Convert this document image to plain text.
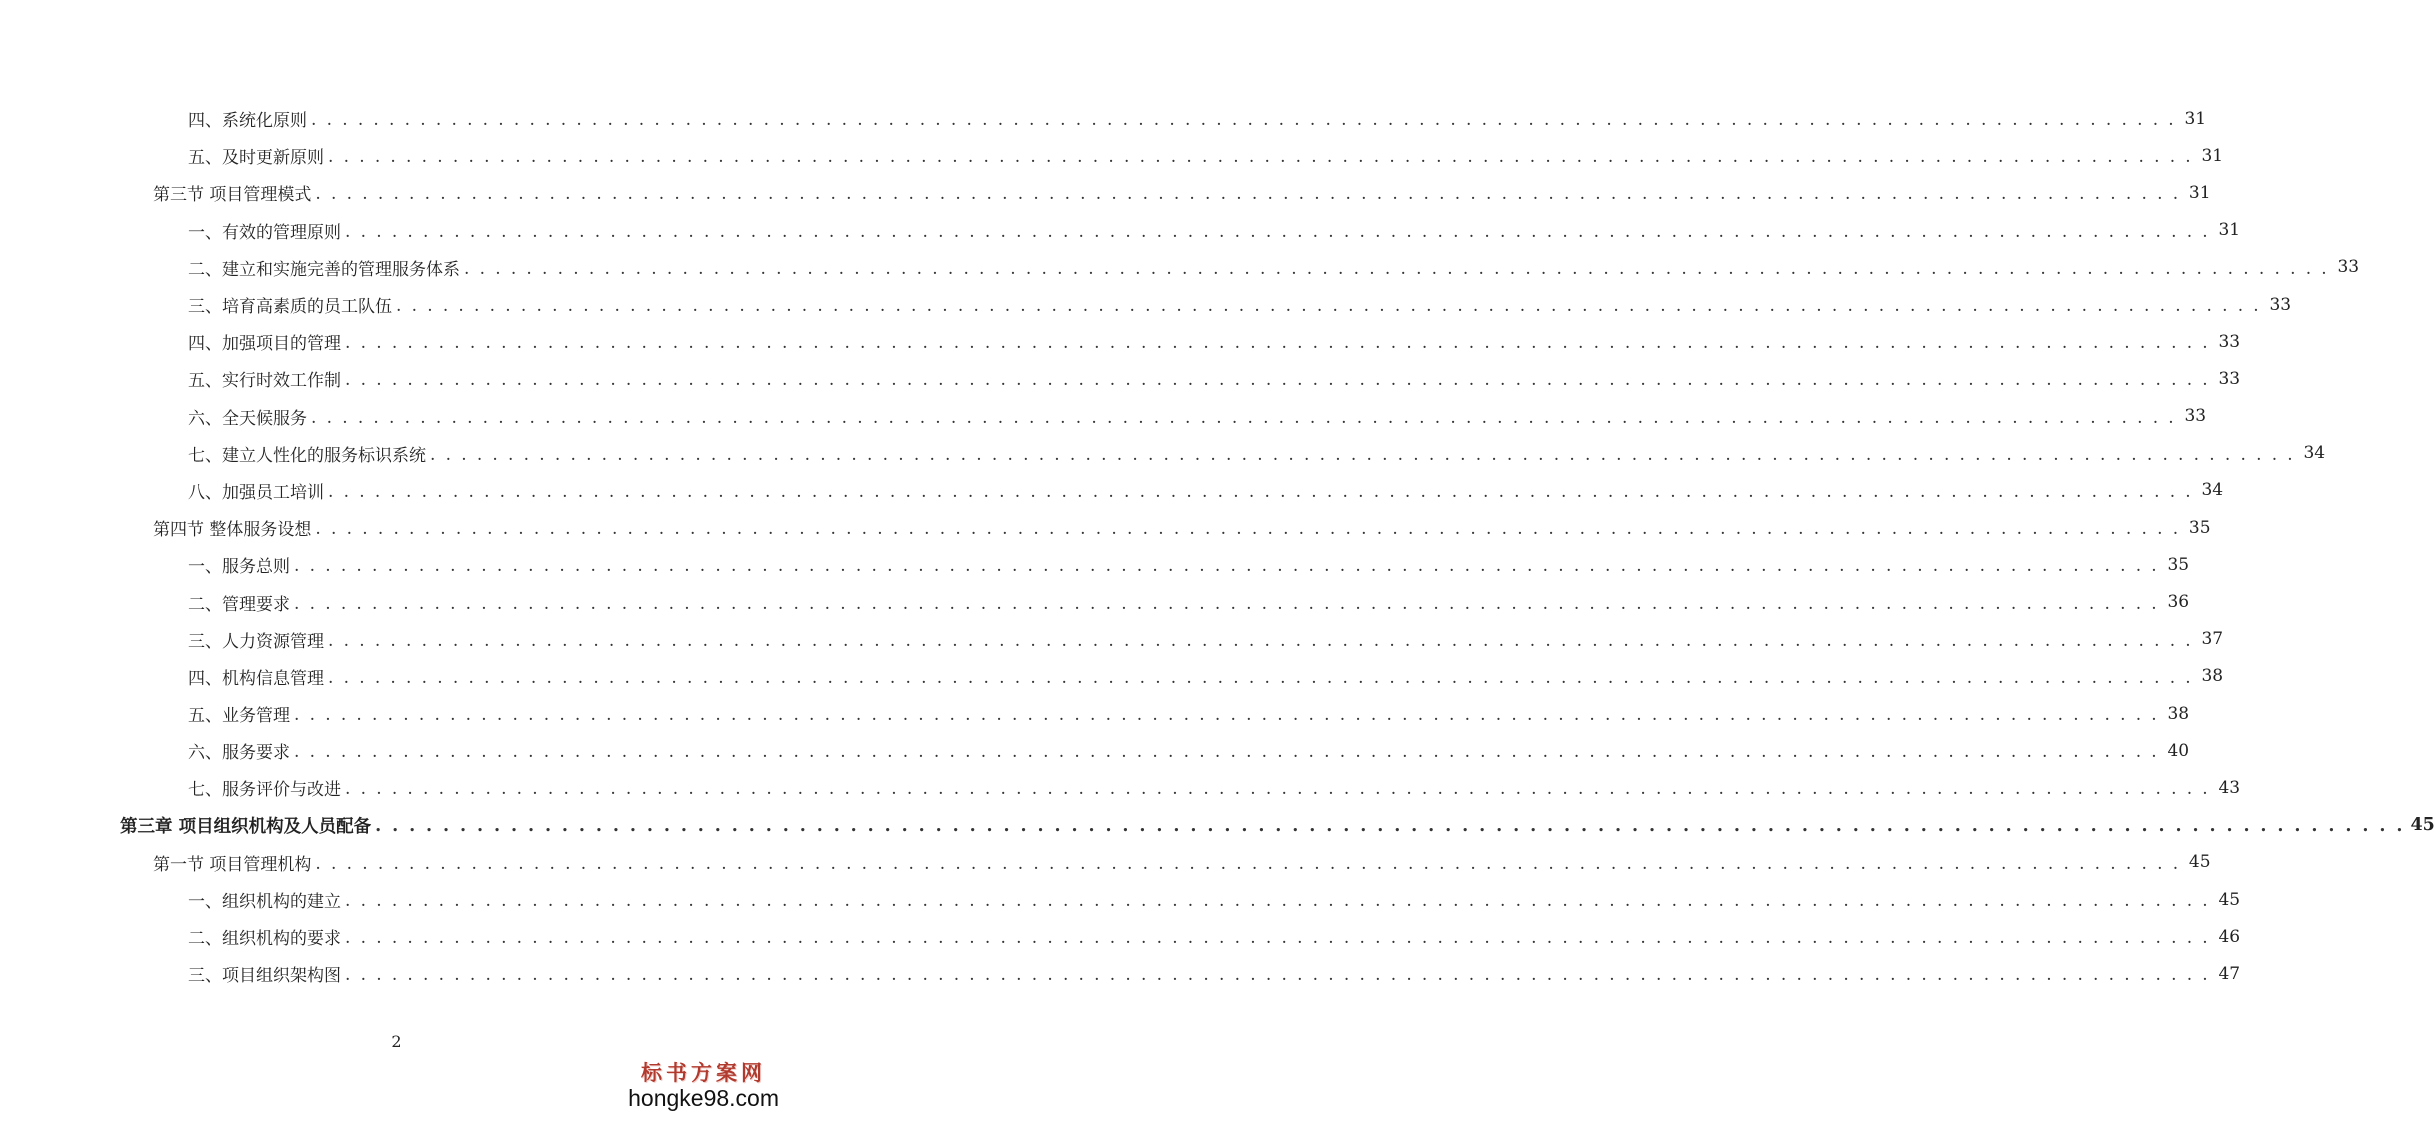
四、系统化原则 . . . . . . . . . . . . . . . . . . . . . . . . . . . . . . . . . . . . . . . . . . . . . . . . . . . . . . . . . . . . . . . . . . . . . . . . . . . . . . . . . . . . . . . . . . . . . . . . . . . . . . . . . . . . . . . . . . . . . . . . 31
五、及时更新原则 . . . . . . . . . . . . . . . . . . . . . . . . . . . . . . . . . . . . . . . . . . . . . . . . . . . . . . . . . . . . . . . . . . . . . . . . . . . . . . . . . . . . . . . . . . . . . . . . . . . . . . . . . . . . . . . . . . . . . . . . 31
第三节 项目管理模式 . . . . . . . . . . . . . . . . . . . . . . . . . . . . . . . . . . . . . . . . . . . . . . . . . . . . . . . . . . . . . . . . . . . . . . . . . . . . . . . . . . . . . . . . . . . . . . . . . . . . . . . . . . . . . . . . . . . . . . . . 31
一、有效的管理原则 . . . . . . . . . . . . . . . . . . . . . . . . . . . . . . . . . . . . . . . . . . . . . . . . . . . . . . . . . . . . . . . . . . . . . . . . . . . . . . . . . . . . . . . . . . . . . . . . . . . . . . . . . . . . . . . . . . . . . . . . 31
二、建立和实施完善的管理服务体系 . . . . . . . . . . . . . . . . . . . . . . . . . . . . . . . . . . . . . . . . . . . . . . . . . . . . . . . . . . . . . . . . . . . . . . . . . . . . . . . . . . . . . . . . . . . . . . . . . . . . . . . . . . . . . . . . . . . . . . . . 33
三、培育高素质的员工队伍 . . . . . . . . . . . . . . . . . . . . . . . . . . . . . . . . . . . . . . . . . . . . . . . . . . . . . . . . . . . . . . . . . . . . . . . . . . . . . . . . . . . . . . . . . . . . . . . . . . . . . . . . . . . . . . . . . . . . . . . . 33
四、加强项目的管理 . . . . . . . . . . . . . . . . . . . . . . . . . . . . . . . . . . . . . . . . . . . . . . . . . . . . . . . . . . . . . . . . . . . . . . . . . . . . . . . . . . . . . . . . . . . . . . . . . . . . . . . . . . . . . . . . . . . . . . . . 33
五、实行时效工作制 . . . . . . . . . . . . . . . . . . . . . . . . . . . . . . . . . . . . . . . . . . . . . . . . . . . . . . . . . . . . . . . . . . . . . . . . . . . . . . . . . . . . . . . . . . . . . . . . . . . . . . . . . . . . . . . . . . . . . . . . 33
六、全天候服务 . . . . . . . . . . . . . . . . . . . . . . . . . . . . . . . . . . . . . . . . . . . . . . . . . . . . . . . . . . . . . . . . . . . . . . . . . . . . . . . . . . . . . . . . . . . . . . . . . . . . . . . . . . . . . . . . . . . . . . . . 33
七、建立人性化的服务标识系统 . . . . . . . . . . . . . . . . . . . . . . . . . . . . . . . . . . . . . . . . . . . . . . . . . . . . . . . . . . . . . . . . . . . . . . . . . . . . . . . . . . . . . . . . . . . . . . . . . . . . . . . . . . . . . . . . . . . . . . . . 34
八、加强员工培训 . . . . . . . . . . . . . . . . . . . . . . . . . . . . . . . . . . . . . . . . . . . . . . . . . . . . . . . . . . . . . . . . . . . . . . . . . . . . . . . . . . . . . . . . . . . . . . . . . . . . . . . . . . . . . . . . . . . . . . . . 34
第四节 整体服务设想 . . . . . . . . . . . . . . . . . . . . . . . . . . . . . . . . . . . . . . . . . . . . . . . . . . . . . . . . . . . . . . . . . . . . . . . . . . . . . . . . . . . . . . . . . . . . . . . . . . . . . . . . . . . . . . . . . . . . . . . . 35
一、服务总则 . . . . . . . . . . . . . . . . . . . . . . . . . . . . . . . . . . . . . . . . . . . . . . . . . . . . . . . . . . . . . . . . . . . . . . . . . . . . . . . . . . . . . . . . . . . . . . . . . . . . . . . . . . . . . . . . . . . . . . . . 35
二、管理要求 . . . . . . . . . . . . . . . . . . . . . . . . . . . . . . . . . . . . . . . . . . . . . . . . . . . . . . . . . . . . . . . . . . . . . . . . . . . . . . . . . . . . . . . . . . . . . . . . . . . . . . . . . . . . . . . . . . . . . . . . 36
三、人力资源管理 . . . . . . . . . . . . . . . . . . . . . . . . . . . . . . . . . . . . . . . . . . . . . . . . . . . . . . . . . . . . . . . . . . . . . . . . . . . . . . . . . . . . . . . . . . . . . . . . . . . . . . . . . . . . . . . . . . . . . . . . 37
四、机构信息管理 . . . . . . . . . . . . . . . . . . . . . . . . . . . . . . . . . . . . . . . . . . . . . . . . . . . . . . . . . . . . . . . . . . . . . . . . . . . . . . . . . . . . . . . . . . . . . . . . . . . . . . . . . . . . . . . . . . . . . . . . 38
五、业务管理 . . . . . . . . . . . . . . . . . . . . . . . . . . . . . . . . . . . . . . . . . . . . . . . . . . . . . . . . . . . . . . . . . . . . . . . . . . . . . . . . . . . . . . . . . . . . . . . . . . . . . . . . . . . . . . . . . . . . . . . . 38
六、服务要求 . . . . . . . . . . . . . . . . . . . . . . . . . . . . . . . . . . . . . . . . . . . . . . . . . . . . . . . . . . . . . . . . . . . . . . . . . . . . . . . . . . . . . . . . . . . . . . . . . . . . . . . . . . . . . . . . . . . . . . . . 40
七、服务评价与改进 . . . . . . . . . . . . . . . . . . . . . . . . . . . . . . . . . . . . . . . . . . . . . . . . . . . . . . . . . . . . . . . . . . . . . . . . . . . . . . . . . . . . . . . . . . . . . . . . . . . . . . . . . . . . . . . . . . . . . . . . 43
第三章 项目组织机构及人员配备 . . . . . . . . . . . . . . . . . . . . . . . . . . . . . . . . . . . . . . . . . . . . . . . . . . . . . . . . . . . . . . . . . . . . . . . . . . . . . . . . . . . . . . . . . . . . . . . . . . . . . . . . . . . . . . . . . . . . . . . . 45
第一节 项目管理机构 . . . . . . . . . . . . . . . . . . . . . . . . . . . . . . . . . . . . . . . . . . . . . . . . . . . . . . . . . . . . . . . . . . . . . . . . . . . . . . . . . . . . . . . . . . . . . . . . . . . . . . . . . . . . . . . . . . . . . . . . 45
一、组织机构的建立 . . . . . . . . . . . . . . . . . . . . . . . . . . . . . . . . . . . . . . . . . . . . . . . . . . . . . . . . . . . . . . . . . . . . . . . . . . . . . . . . . . . . . . . . . . . . . . . . . . . . . . . . . . . . . . . . . . . . . . . . 45
二、组织机构的要求 . . . . . . . . . . . . . . . . . . . . . . . . . . . . . . . . . . . . . . . . . . . . . . . . . . . . . . . . . . . . . . . . . . . . . . . . . . . . . . . . . . . . . . . . . . . . . . . . . . . . . . . . . . . . . . . . . . . . . . . . 46
三、项目组织架构图 . . . . . . . . . . . . . . . . . . . . . . . . . . . . . . . . . . . . . . . . . . . . . . . . . . . . . . . . . . . . . . . . . . . . . . . . . . . . . . . . . . . . . . . . . . . . . . . . . . . . . . . . . . . . . . . . . . . . . . . . 47
2
标书方案网
hongke98.com
